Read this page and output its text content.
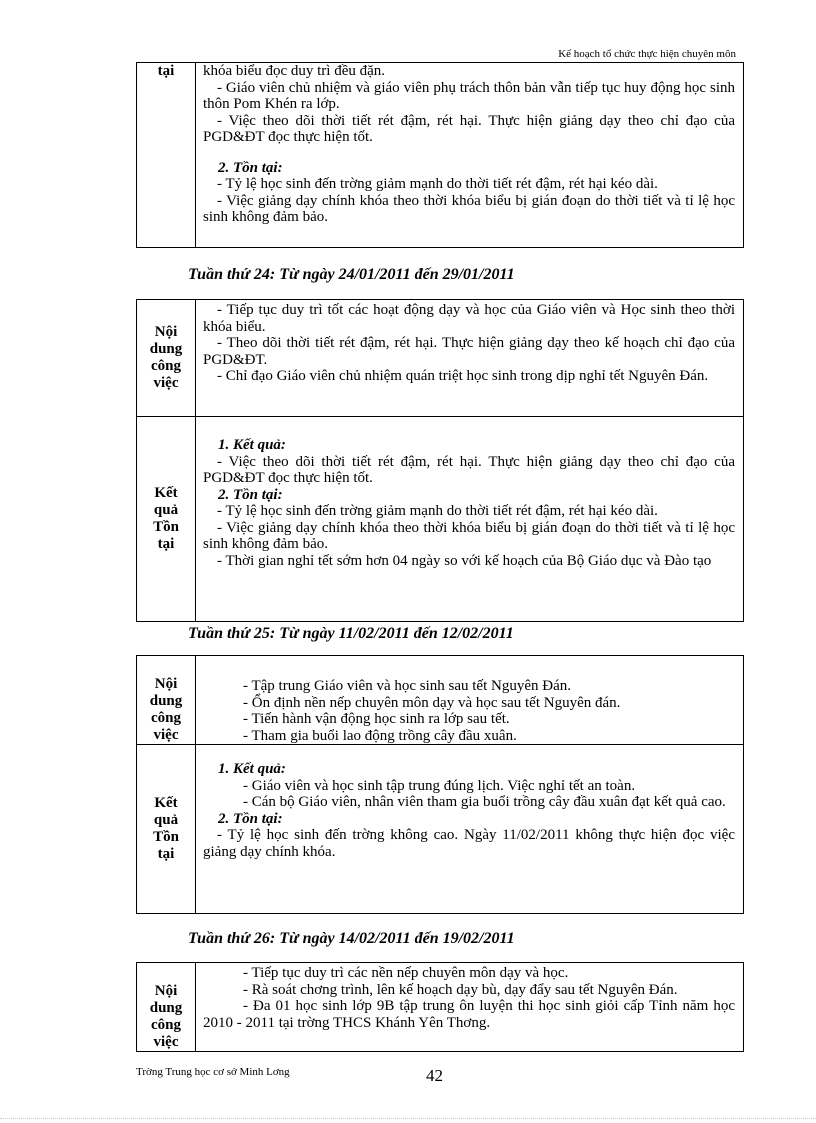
Kế hoạch tổ chức thực hiện chuyên môn
tại	khóa biểu đọc duy trì đều đặn.

- Giáo viên chủ nhiệm và giáo viên phụ trách thôn bản vẫn tiếp tục huy động học sinh thôn Pom Khén ra lớp.

- Việc theo dõi thời tiết rét đậm, rét hại. Thực hiện giảng dạy theo chỉ đạo của PGD&ĐT đọc thực hiện tốt.

2. Tồn tại:

- Tỷ lệ học sinh đến trờng giảm mạnh do thời tiết rét đậm, rét hại kéo dài.

- Việc giảng dạy chính khóa theo thời khóa biểu bị gián đoạn do thời tiết và tỉ lệ học sinh không đảm bảo.

Tuần thứ 24: Từ ngày 24/01/2011 đến 29/01/2011
Nội
dung
công
việc

- Tiếp tục duy trì tốt các hoạt động dạy và học của Giáo viên và Học sinh theo thời khóa biểu.

- Theo dõi thời tiết rét đậm, rét hại. Thực hiện giảng dạy theo kế hoạch chỉ đạo của PGD&ĐT.

- Chỉ đạo Giáo viên chủ nhiệm quán triệt học sinh trong dịp nghỉ tết Nguyên Đán.

Kết
quả
Tồn
tại

1. Kết quả:

- Việc theo dõi thời tiết rét đậm, rét hại. Thực hiện giảng dạy theo chỉ đạo của PGD&ĐT đọc thực hiện tốt.

2. Tồn tại:

- Tỷ lệ học sinh đến trờng giảm mạnh do thời tiết rét đậm, rét hại kéo dài.

- Việc giảng dạy chính khóa theo thời khóa biểu bị gián đoạn do thời tiết và tỉ lệ học sinh không đảm bảo.

- Thời gian nghỉ tết sớm hơn 04 ngày so với kế hoạch của Bộ Giáo dục và Đào tạo

Tuần thứ 25: Từ ngày 11/02/2011 đến 12/02/2011
Nội
dung
công
việc

- Tập trung Giáo viên và học sinh sau tết Nguyên Đán.

- Ổn định nền nếp chuyên môn dạy và học sau tết Nguyên đán.

- Tiến hành vận động học sinh ra lớp sau tết.

- Tham gia buổi lao động trồng cây đầu xuân.

Kết
quả
Tồn
tại

1. Kết quả:

- Giáo viên và học sinh tập trung đúng lịch. Việc nghỉ tết an toàn.

- Cán bộ Giáo viên, nhân viên tham gia buổi trồng cây đầu xuân đạt kết quả cao.

2. Tồn tại:

- Tỷ lệ học sinh đến trờng không cao. Ngày 11/02/2011 không thực hiện đọc việc giảng dạy chính khóa.

Tuần thứ 26: Từ ngày 14/02/2011 đến 19/02/2011
Nội
dung
công
việc

- Tiếp tục duy trì các nền nếp chuyên môn dạy và học.

- Rà soát chơng trình, lên kế hoạch dạy bù, dạy đẩy sau tết Nguyên Đán.

- Đa 01 học sinh lớp 9B tập trung ôn luyện thi học sinh giỏi cấp Tỉnh năm học 2010 - 2011 tại trờng THCS Khánh Yên Thơng.

Trờng Trung học cơ sở Minh Lơng	42
